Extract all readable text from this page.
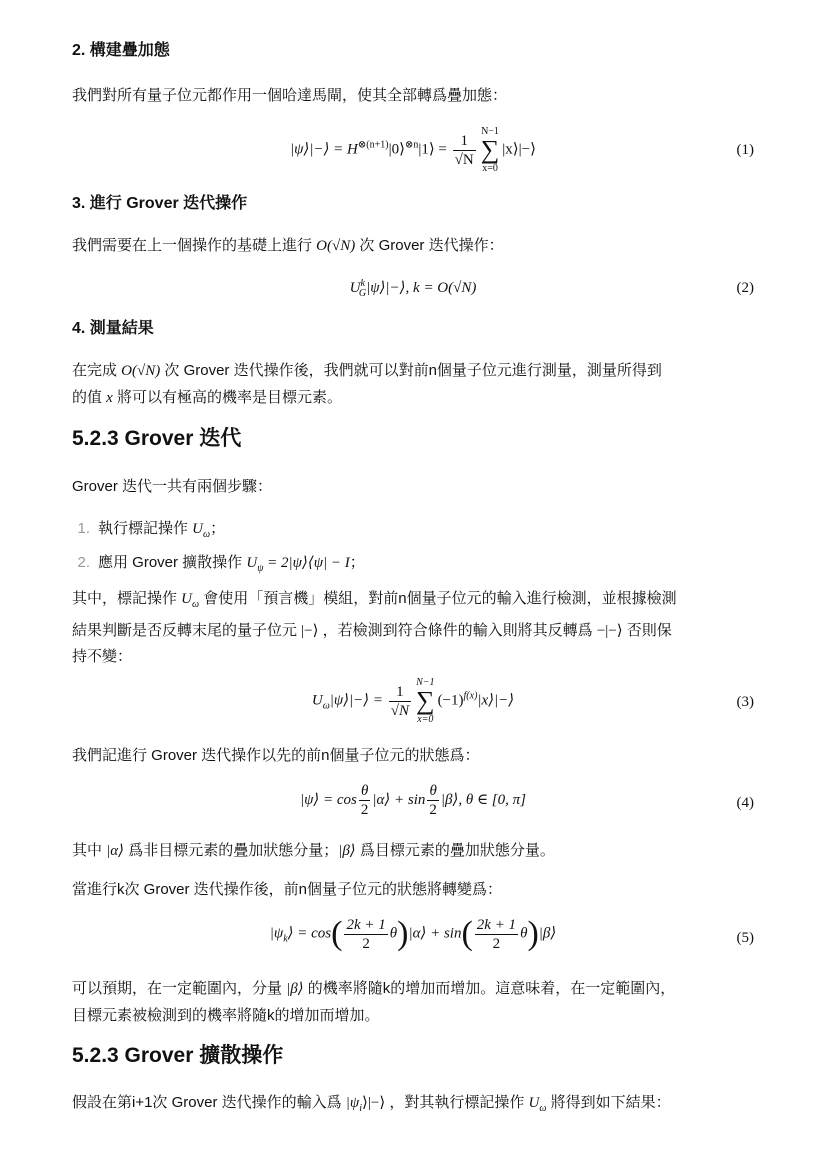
2. 構建疊加態
我們對所有量子位元都作用一個哈達馬閘，使其全部轉爲疊加態：
|ψ⟩|−⟩ = $H^{\otimes(n+1)}|0⟩^{\otimes n}|1⟩ = \frac{1}{√N} N-1$
∑
x=0
|x⟩|−⟩	(1)
3. 進行 Grover 迭代操作
我們需要在上一個操作的基礎上進行 O(√N) 次 Grover 迭代操作：
$U^k_G|\psi⟩|-⟩$, k = O(√N)	(2)
4. 測量結果
在完成 O(√N) 次 Grover 迭代操作後，我們就可以對前n個量子位元進行測量，測量所得到
的值 x 將可以有極高的機率是目標元素。
5.2.3 Grover 迭代
Grover 迭代一共有兩個步驟：
1. 執行標記操作 $U_\omega$；
2. 應用 Grover 擴散操作 $U_\psi$ = 2|ψ⟩⟨ψ| − I；
其中，標記操作 $U_\omega$ 會使用「預言機」模組，對前n個量子位元的輸入進行檢測，並根據檢測
結果判斷是否反轉末尾的量子位元 |−⟩ ，若檢測到符合條件的輸入則將其反轉爲 −|−⟩ 否則保
持不變：
$U_\omega|\psi⟩|-⟩ = \frac{1}{√N} N-1$
∑
x=0
$(-1)^{f(x)}|x⟩|-⟩$	(3)
我們記進行 Grover 迭代操作以先的前n個量子位元的狀態爲：
|ψ⟩ = $\cos \frac{\theta}{2}$ |α⟩ + $\sin \frac{\theta}{2}$ |β⟩, θ ∈ [0, π]	(4)
其中 |α⟩ 爲非目標元素的疊加狀態分量；|β⟩ 爲目標元素的疊加狀態分量。
當進行k次 Grover 迭代操作後，前n個量子位元的狀態將轉變爲：
$|\psi_k⟩ = \cos( \frac{2k + 1}{2}$ θ)|α⟩ + $\sin( \frac{2k + 1}{2}$ θ)|β⟩	(5)
可以預期，在一定範圍內，分量 |β⟩ 的機率將隨k的增加而增加。這意味着，在一定範圍內，
目標元素被檢測到的機率將隨k的增加而增加。
5.2.3 Grover 擴散操作
假設在第i+1次 Grover 迭代操作的輸入爲 $|\psi_i⟩|-⟩$ ，對其執行標記操作 $U_\omega$ 將得到如下結果：
